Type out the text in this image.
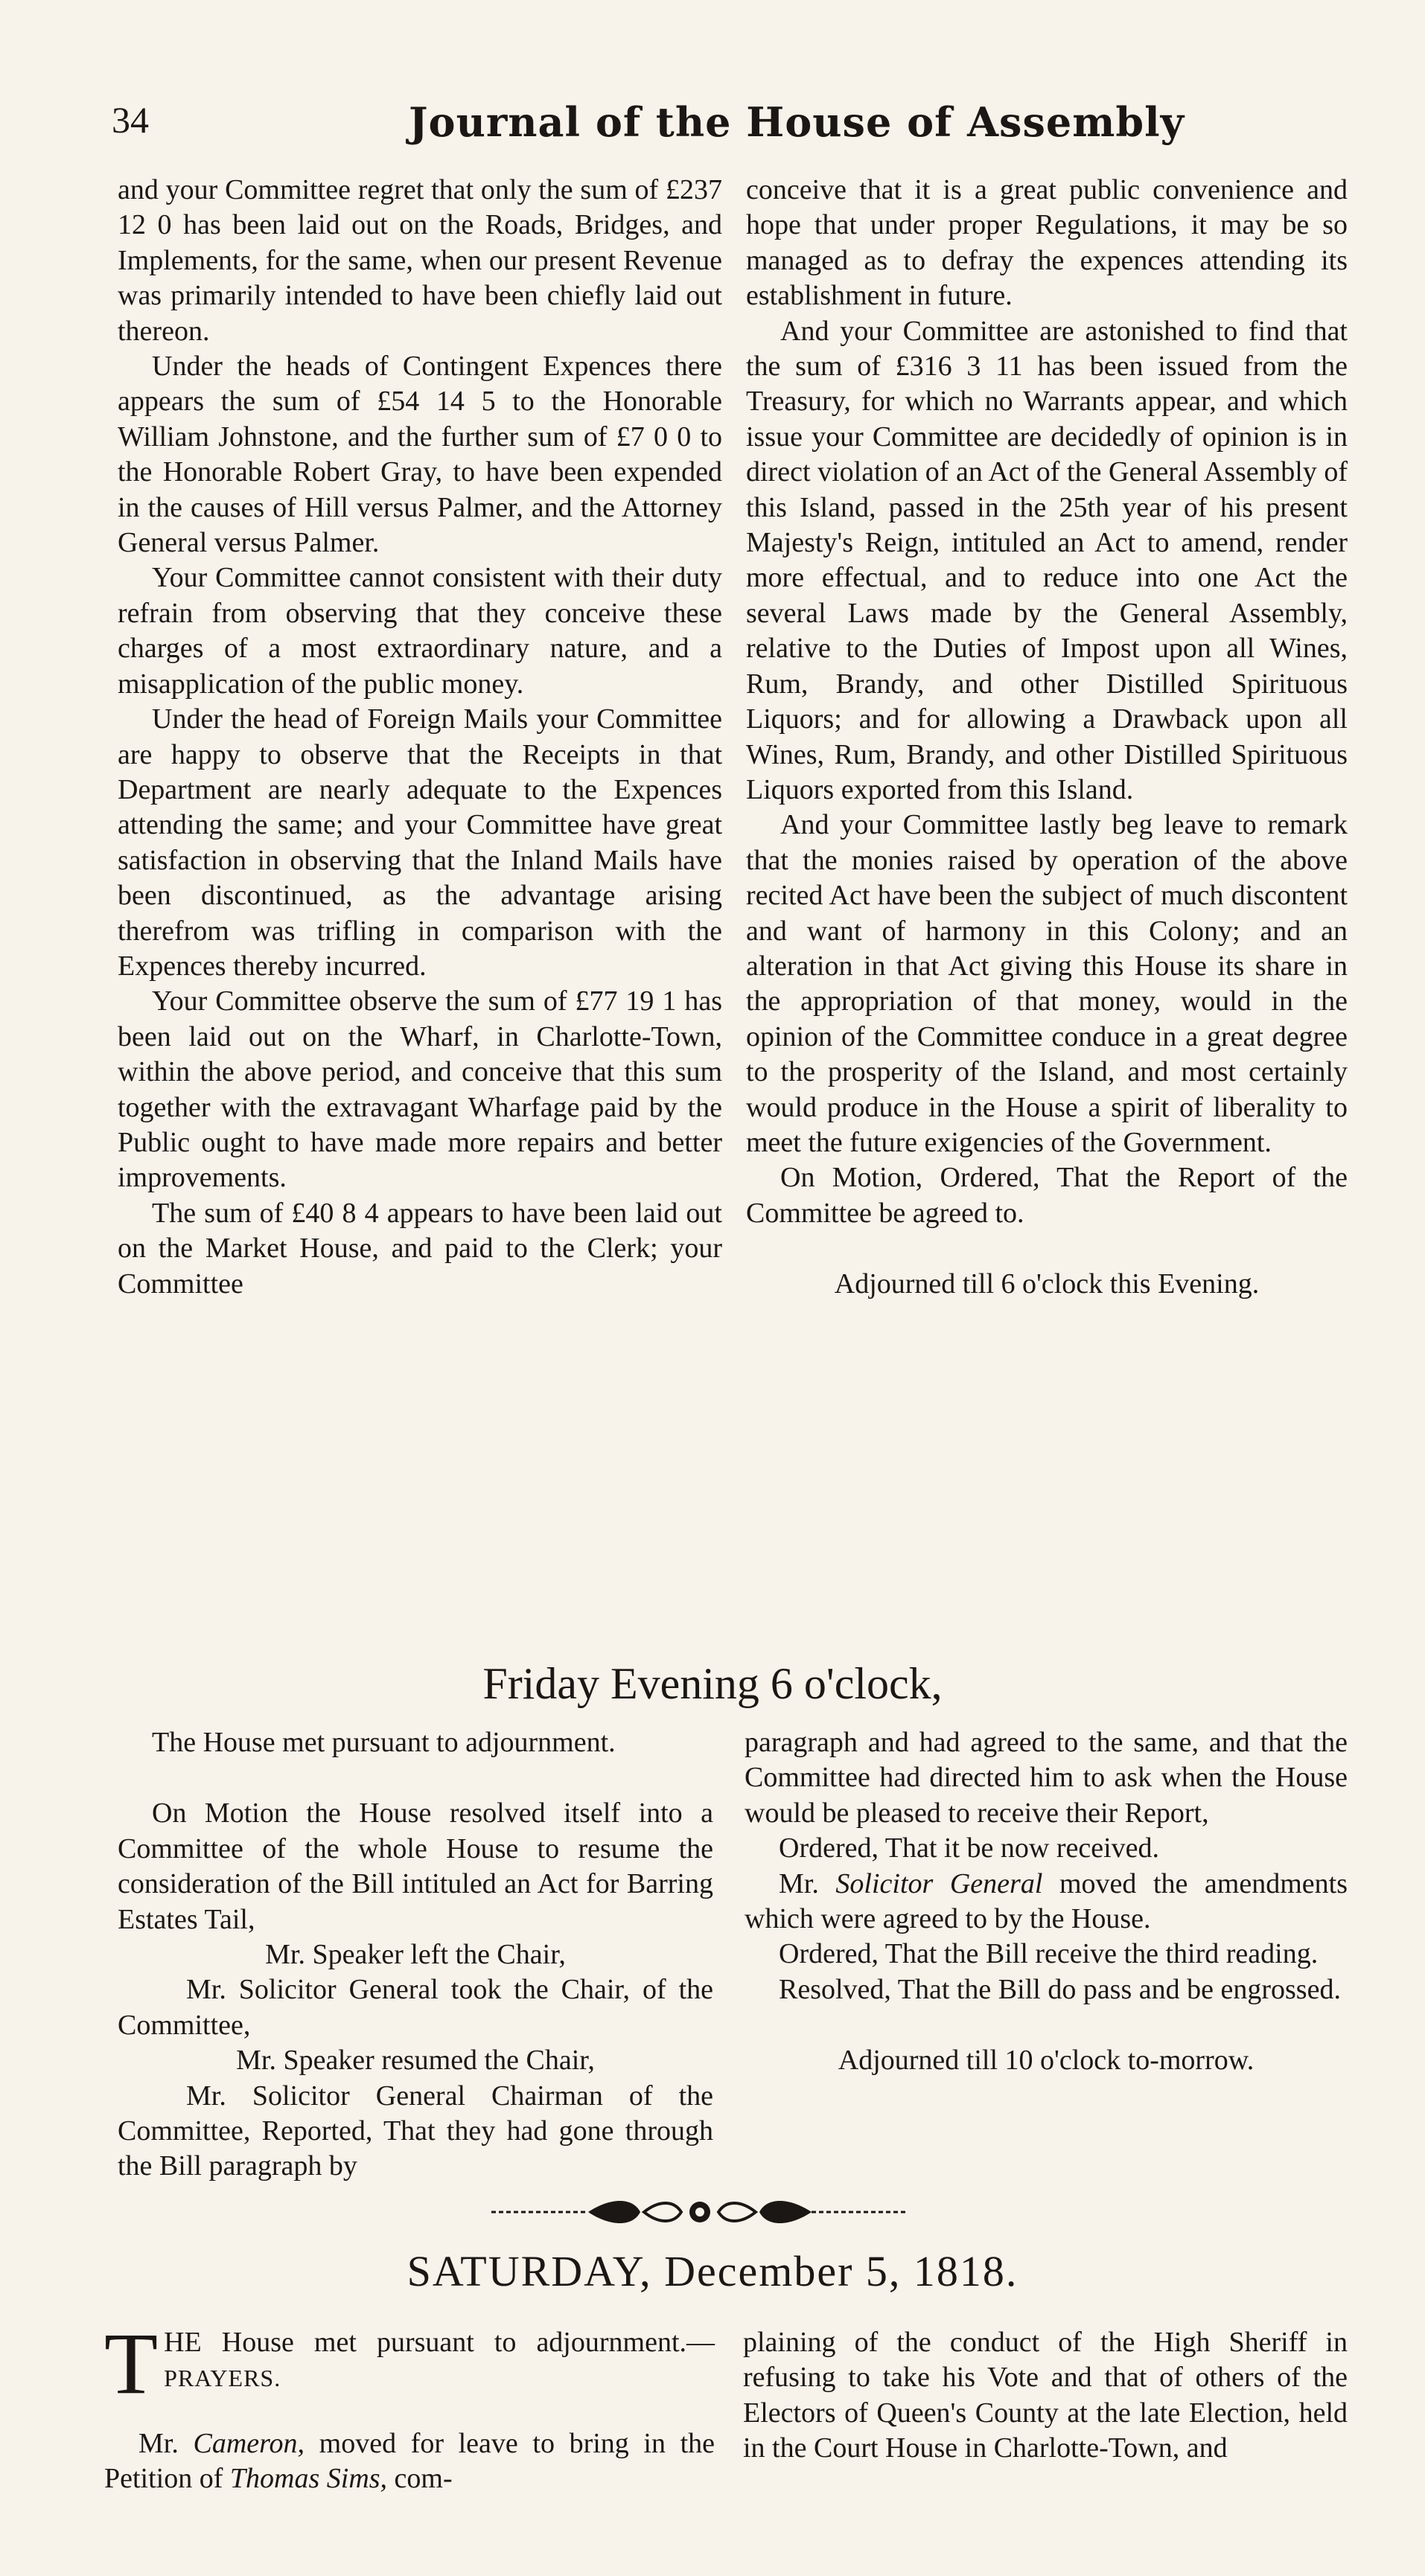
34	Journal of the House of Assembly

and your Committee regret that only the sum of £237 12 0 has been laid out on the Roads, Bridges, and Implements, for the same, when our present Revenue was primarily intended to have been chiefly laid out thereon.

Under the heads of Contingent Expences there appears the sum of £54 14 5 to the Honorable William Johnstone, and the further sum of £7 0 0 to the Honorable Robert Gray, to have been expended in the causes of Hill versus Palmer, and the Attorney General versus Palmer.

Your Committee cannot consistent with their duty refrain from observing that they conceive these charges of a most extraordinary nature, and a misapplication of the public money.

Under the head of Foreign Mails your Committee are happy to observe that the Receipts in that Department are nearly adequate to the Expences attending the same; and your Committee have great satisfaction in observing that the Inland Mails have been discontinued, as the advantage arising therefrom was trifling in comparison with the Expences thereby incurred.

Your Committee observe the sum of £77 19 1 has been laid out on the Wharf, in Charlotte-Town, within the above period, and conceive that this sum together with the extravagant Wharfage paid by the Public ought to have made more repairs and better improvements.

The sum of £40 8 4 appears to have been laid out on the Market House, and paid to the Clerk; your Committee

conceive that it is a great public convenience and hope that under proper Regulations, it may be so managed as to defray the expences attending its establishment in future.

And your Committee are astonished to find that the sum of £316 3 11 has been issued from the Treasury, for which no Warrants appear, and which issue your Committee are decidedly of opinion is in direct violation of an Act of the General Assembly of this Island, passed in the 25th year of his present Majesty's Reign, intituled an Act to amend, render more effectual, and to reduce into one Act the several Laws made by the General Assembly, relative to the Duties of Impost upon all Wines, Rum, Brandy, and other Distilled Spirituous Liquors; and for allowing a Drawback upon all Wines, Rum, Brandy, and other Distilled Spirituous Liquors exported from this Island.

And your Committee lastly beg leave to remark that the monies raised by operation of the above recited Act have been the subject of much discontent and want of harmony in this Colony; and an alteration in that Act giving this House its share in the appropriation of that money, would in the opinion of the Committee conduce in a great degree to the prosperity of the Island, and most certainly would produce in the House a spirit of liberality to meet the future exigencies of the Government.

On Motion, Ordered, That the Report of the Committee be agreed to.

Adjourned till 6 o'clock this Evening.

Friday Evening 6 o'clock,

The House met pursuant to adjournment.

On Motion the House resolved itself into a Committee of the whole House to resume the consideration of the Bill intituled an Act for Barring Estates Tail,

Mr. Speaker left the Chair,

Mr. Solicitor General took the Chair, of the Committee,

Mr. Speaker resumed the Chair,

Mr. Solicitor General Chairman of the Committee, Reported, That they had gone through the Bill paragraph by

paragraph and had agreed to the same, and that the Committee had directed him to ask when the House would be pleased to receive their Report,

Ordered, That it be now received.

Mr. Solicitor General moved the amendments which were agreed to by the House.

Ordered, That the Bill receive the third reading.

Resolved, That the Bill do pass and be engrossed.

Adjourned till 10 o'clock to-morrow.

SATURDAY, December 5, 1818.

THE House met pursuant to adjournment.—PRAYERS.

Mr. Cameron, moved for leave to bring in the Petition of Thomas Sims, com-

plaining of the conduct of the High Sheriff in refusing to take his Vote and that of others of the Electors of Queen's County at the late Election, held in the Court House in Charlotte-Town, and
